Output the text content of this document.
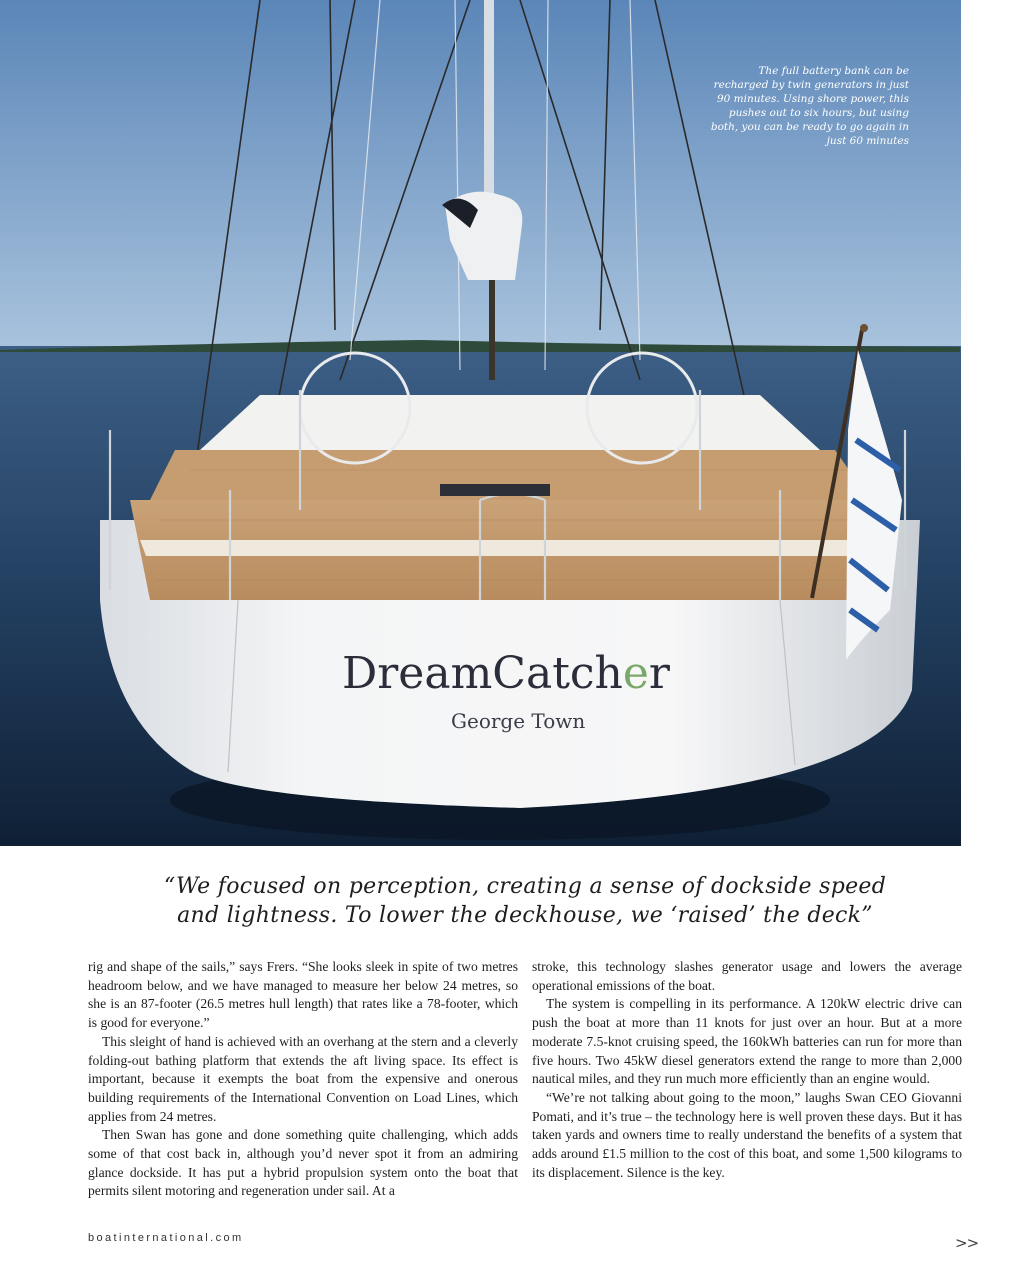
DreamCatcher
George Town
The full battery bank can be recharged by twin generators in just 90 minutes. Using shore power, this pushes out to six hours, but using both, you can be ready to go again in just 60 minutes
“We focused on perception, creating a sense of dockside speed
and lightness. To lower the deckhouse, we ‘raised’ the deck”

rig and shape of the sails,” says Frers. “She looks sleek in spite of two metres headroom below, and we have managed to measure her below 24 metres, so she is an 87-footer (26.5 metres hull length) that rates like a 78-footer, which is good for everyone.”

This sleight of hand is achieved with an overhang at the stern and a cleverly folding-out bathing platform that extends the aft living space. Its effect is important, because it exempts the boat from the expensive and onerous building requirements of the International Convention on Load Lines, which applies from 24 metres.

Then Swan has gone and done something quite challenging, which adds some of that cost back in, although you’d never spot it from an admiring glance dockside. It has put a hybrid propulsion system onto the boat that permits silent motoring and regeneration under sail. At a

stroke, this technology slashes generator usage and lowers the average operational emissions of the boat.

The system is compelling in its performance. A 120kW electric drive can push the boat at more than 11 knots for just over an hour. But at a more moderate 7.5-knot cruising speed, the 160kWh batteries can run for more than five hours. Two 45kW diesel generators extend the range to more than 2,000 nautical miles, and they run much more efficiently than an engine would.

“We’re not talking about going to the moon,” laughs Swan CEO Giovanni Pomati, and it’s true – the technology here is well proven these days. But it has taken yards and owners time to really understand the benefits of a system that adds around £1.5 million to the cost of this boat, and some 1,500 kilograms to its displacement. Silence is the key.

boatinternational.com	>>
